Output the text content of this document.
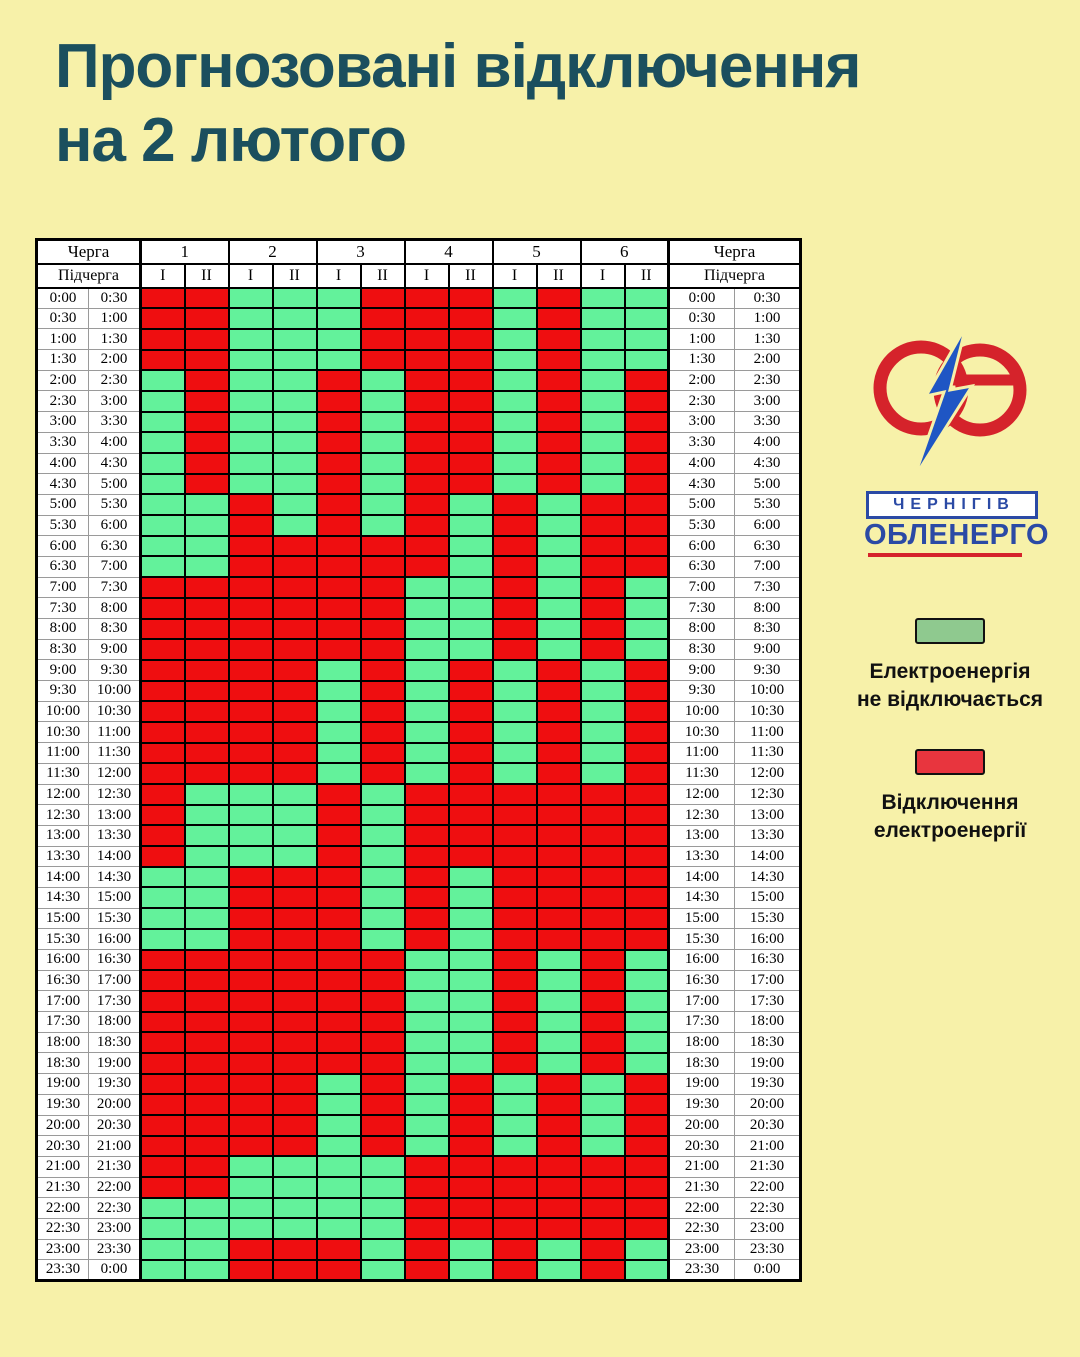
Прогнозовані відключення
на 2 лютого
Черга		1		2		3		4		5		6		Черга	
Підчерга		I	II	I	II	I	II	I	II	I	II	I	II	Підчерга	
0:00	0:30													0:00	0:30
0:30	1:00													0:30	1:00
1:00	1:30													1:00	1:30
1:30	2:00													1:30	2:00
2:00	2:30													2:00	2:30
2:30	3:00													2:30	3:00
3:00	3:30													3:00	3:30
3:30	4:00													3:30	4:00
4:00	4:30													4:00	4:30
4:30	5:00													4:30	5:00
5:00	5:30													5:00	5:30
5:30	6:00													5:30	6:00
6:00	6:30													6:00	6:30
6:30	7:00													6:30	7:00
7:00	7:30													7:00	7:30
7:30	8:00													7:30	8:00
8:00	8:30													8:00	8:30
8:30	9:00													8:30	9:00
9:00	9:30													9:00	9:30
9:30	10:00													9:30	10:00
10:00	10:30													10:00	10:30
10:30	11:00													10:30	11:00
11:00	11:30													11:00	11:30
11:30	12:00													11:30	12:00
12:00	12:30													12:00	12:30
12:30	13:00													12:30	13:00
13:00	13:30													13:00	13:30
13:30	14:00													13:30	14:00
14:00	14:30													14:00	14:30
14:30	15:00													14:30	15:00
15:00	15:30													15:00	15:30
15:30	16:00													15:30	16:00
16:00	16:30													16:00	16:30
16:30	17:00													16:30	17:00
17:00	17:30													17:00	17:30
17:30	18:00													17:30	18:00
18:00	18:30													18:00	18:30
18:30	19:00													18:30	19:00
19:00	19:30													19:00	19:30
19:30	20:00													19:30	20:00
20:00	20:30													20:00	20:30
20:30	21:00													20:30	21:00
21:00	21:30													21:00	21:30
21:30	22:00													21:30	22:00
22:00	22:30													22:00	22:30
22:30	23:00													22:30	23:00
23:00	23:30													23:00	23:30
23:30	0:00													23:30	0:00
ЧЕРНІГІВ
ОБЛЕНЕРГО
Електроенергія
не відключається
Відключення
електроенергії
